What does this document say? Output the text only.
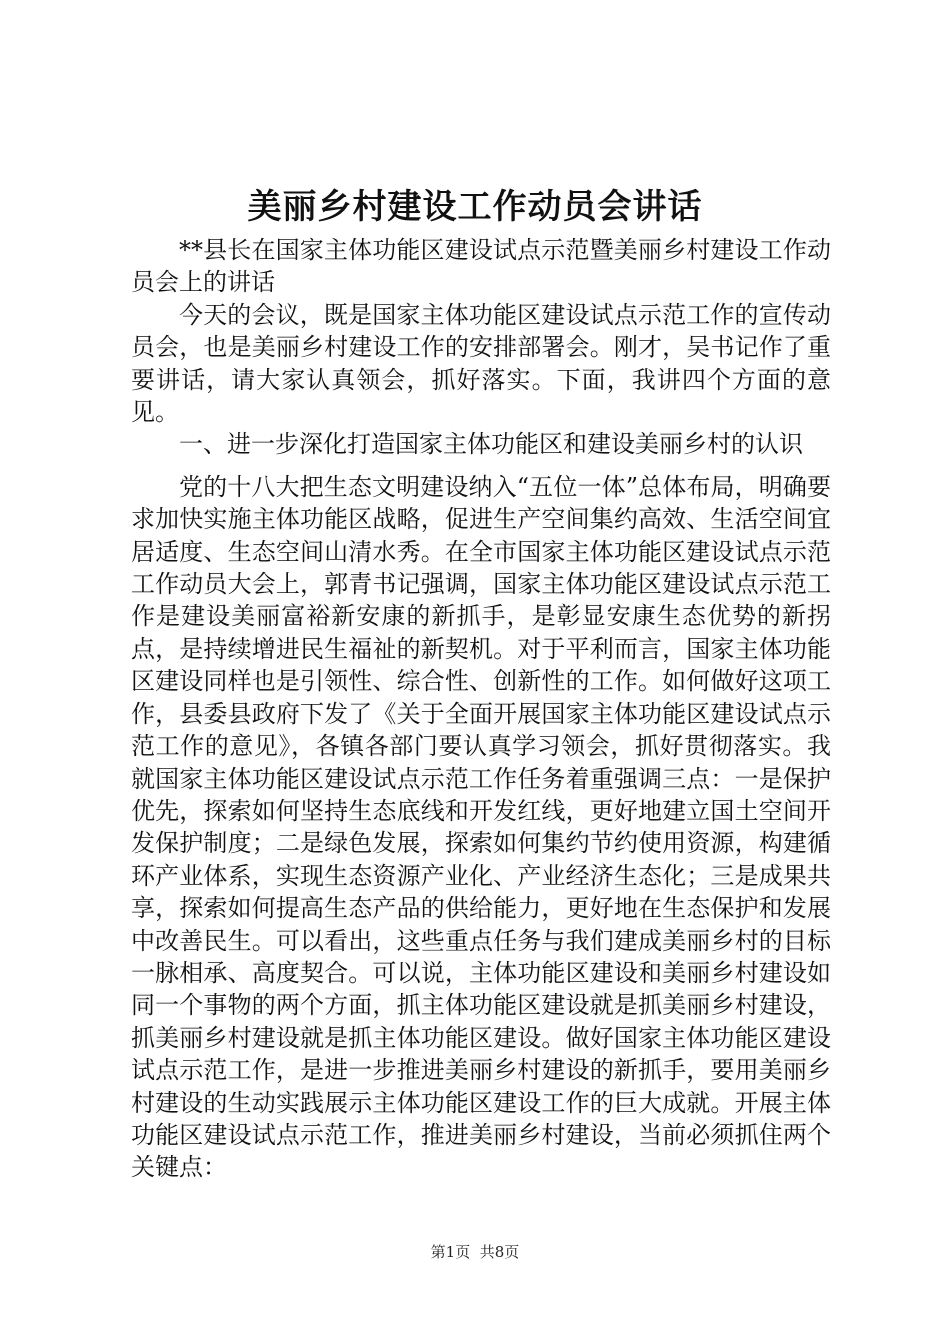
美丽乡村建设工作动员会讲话

**县长在国家主体功能区建设试点示范暨美丽乡村建设工作动员会上的讲话

今天的会议，既是国家主体功能区建设试点示范工作的宣传动员会，也是美丽乡村建设工作的安排部署会。刚才，吴书记作了重要讲话，请大家认真领会，抓好落实。下面，我讲四个方面的意见。

一、进一步深化打造国家主体功能区和建设美丽乡村的认识

党的十八大把生态文明建设纳入“五位一体”总体布局，明确要求加快实施主体功能区战略，促进生产空间集约高效、生活空间宜居适度、生态空间山清水秀。在全市国家主体功能区建设试点示范工作动员大会上，郭青书记强调，国家主体功能区建设试点示范工作是建设美丽富裕新安康的新抓手，是彰显安康生态优势的新拐点，是持续增进民生福祉的新契机。对于平利而言，国家主体功能区建设同样也是引领性、综合性、创新性的工作。如何做好这项工作，县委县政府下发了《关于全面开展国家主体功能区建设试点示范工作的意见》，各镇各部门要认真学习领会，抓好贯彻落实。我就国家主体功能区建设试点示范工作任务着重强调三点：一是保护优先，探索如何坚持生态底线和开发红线，更好地建立国土空间开发保护制度；二是绿色发展，探索如何集约节约使用资源，构建循环产业体系，实现生态资源产业化、产业经济生态化；三是成果共享，探索如何提高生态产品的供给能力，更好地在生态保护和发展中改善民生。可以看出，这些重点任务与我们建成美丽乡村的目标一脉相承、高度契合。可以说，主体功能区建设和美丽乡村建设如同一个事物的两个方面，抓主体功能区建设就是抓美丽乡村建设，抓美丽乡村建设就是抓主体功能区建设。做好国家主体功能区建设试点示范工作，是进一步推进美丽乡村建设的新抓手，要用美丽乡村建设的生动实践展示主体功能区建设工作的巨大成就。开展主体功能区建设试点示范工作，推进美丽乡村建设，当前必须抓住两个关键点：

第1页 共8页
